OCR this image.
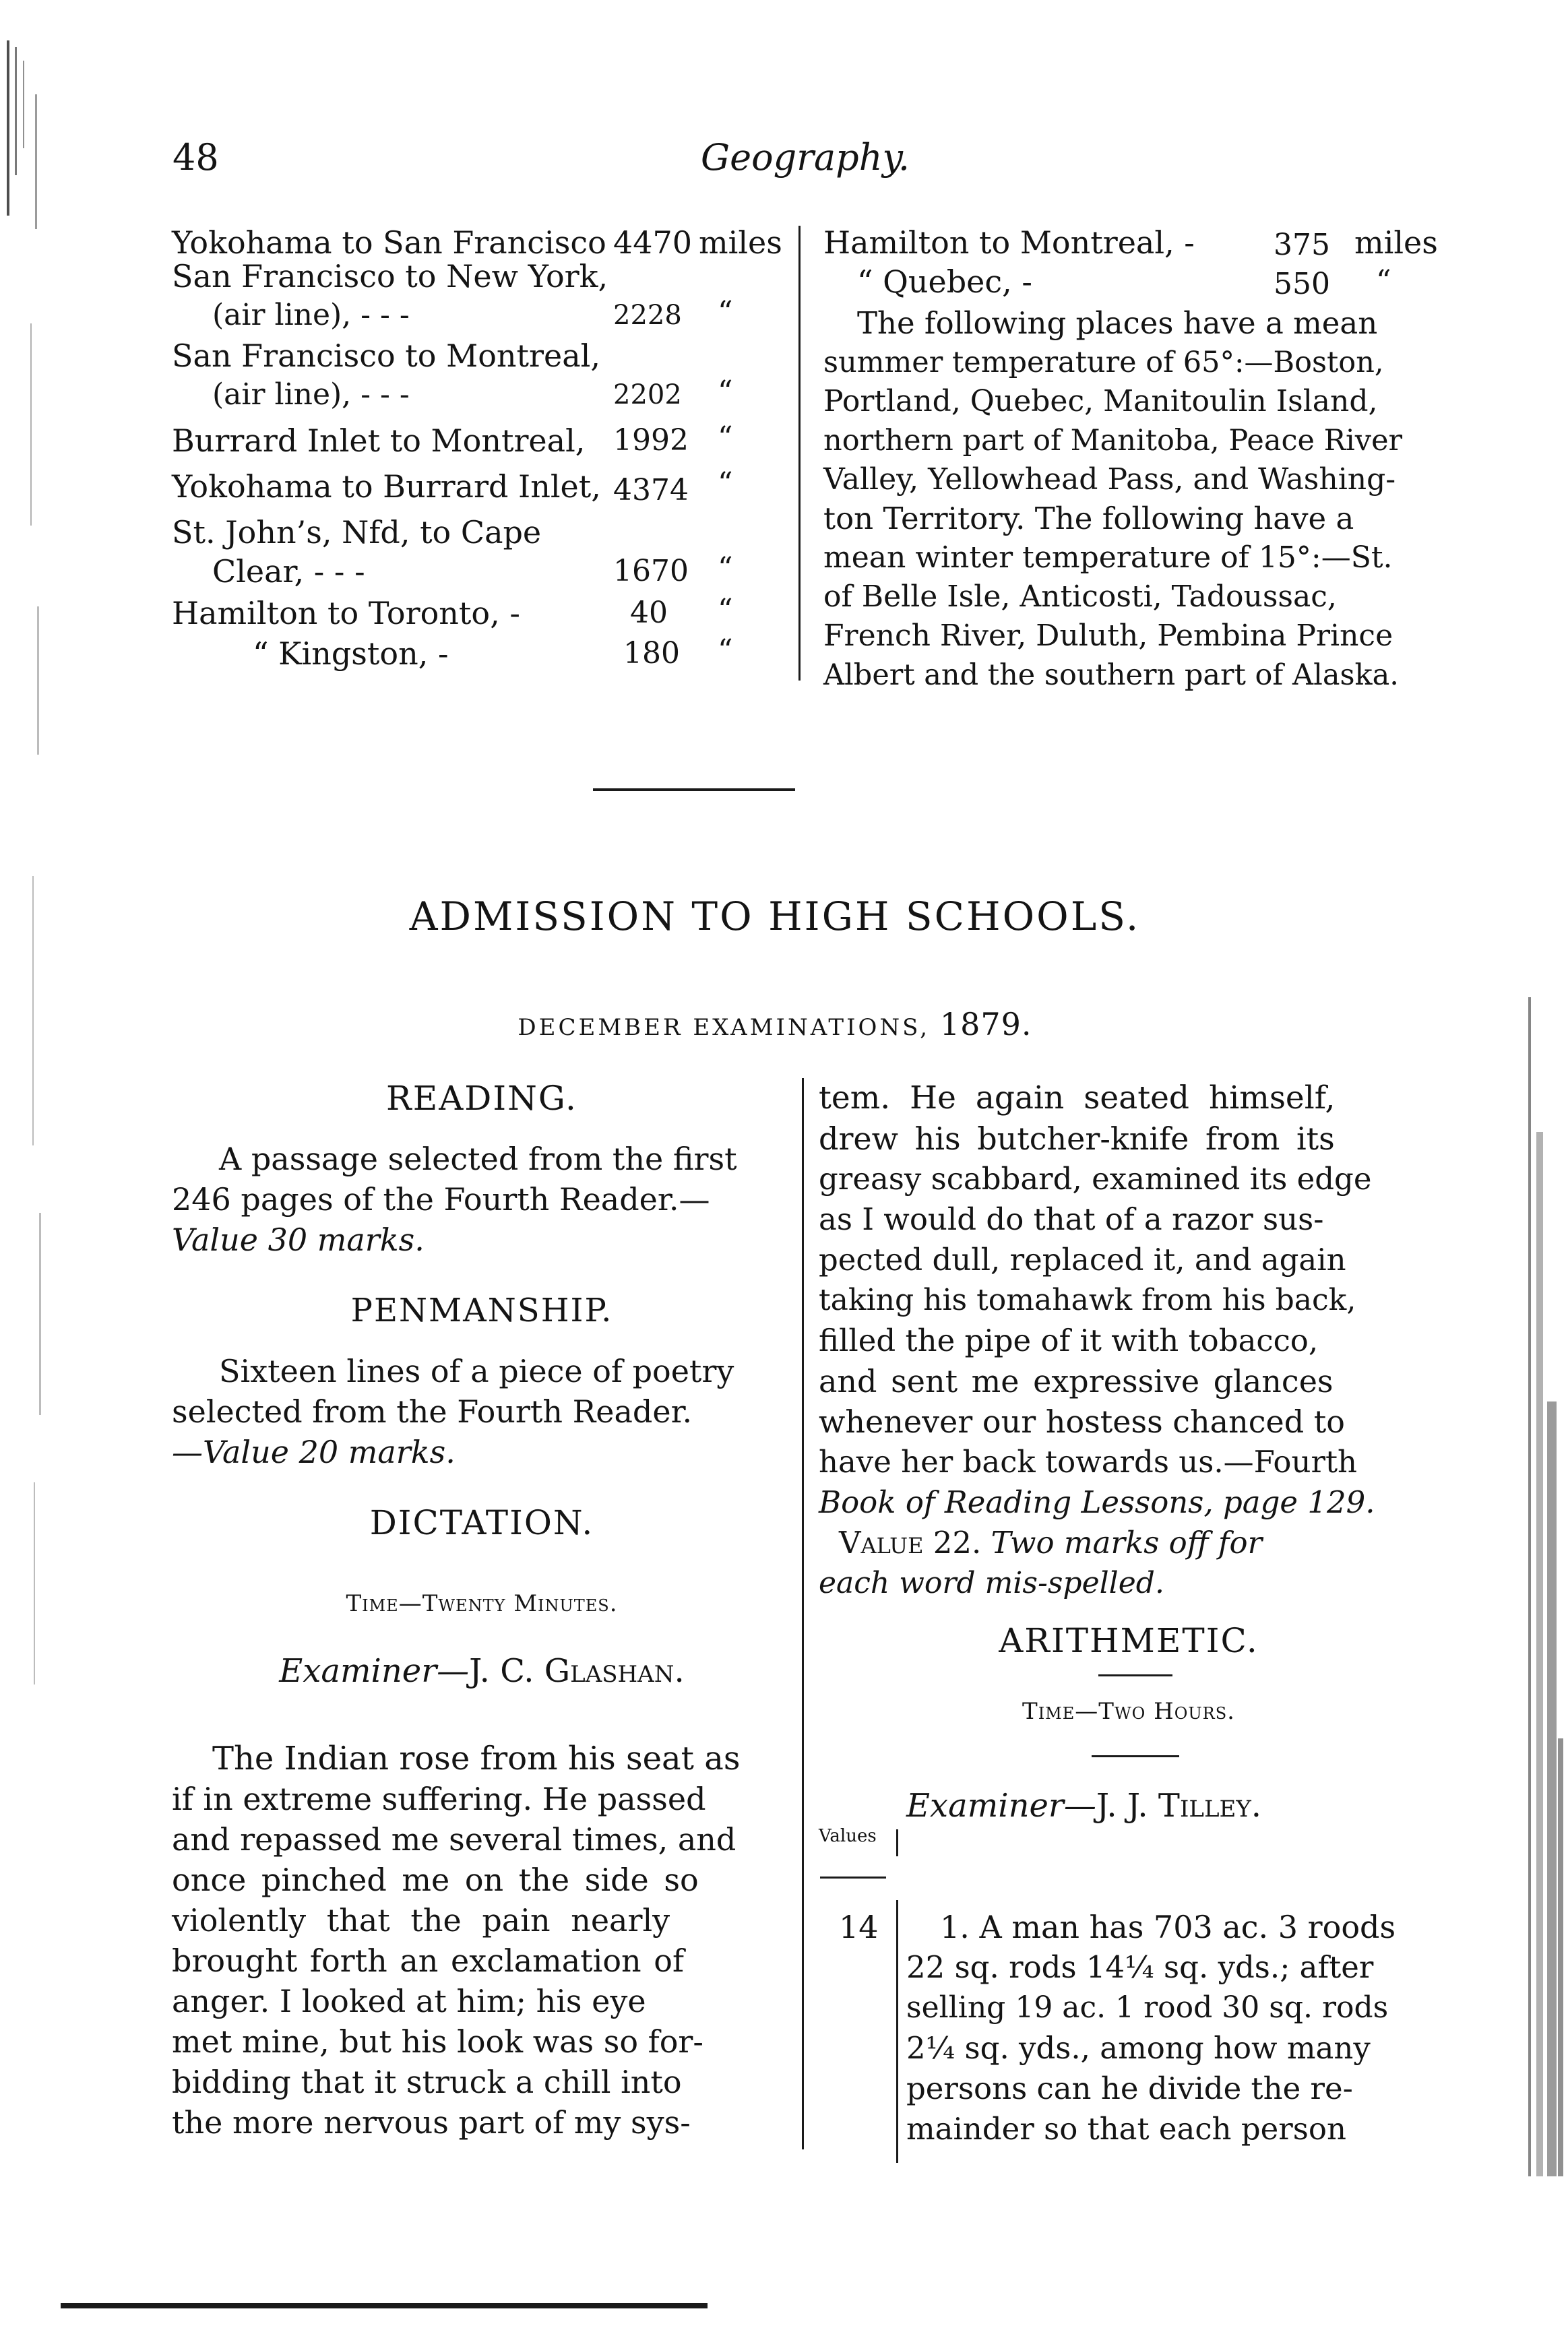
48	Geography.
Yokohama to San Francisco 4470 miles
San Francisco to New York,
(air line), - - -	2228 “
San Francisco to Montreal,
(air line), - - -	2202 “
Burrard Inlet to Montreal, 1992 “
Yokohama to Burrard Inlet, 4374 “
St. John’s, Nfd, to Cape
Clear, - - -	1670 “
Hamilton to Toronto, -	40 “
“ Kingston, -	180 “
Hamilton to Montreal, -	375 miles
“ Quebec, -	550 “
The following places have a mean
summer temperature of 65°:—Boston,
Portland, Quebec, Manitoulin Island,
northern part of Manitoba, Peace River
Valley, Yellowhead Pass, and Washing-
ton Territory. The following have a
mean winter temperature of 15°:—St.
of Belle Isle, Anticosti, Tadoussac,
French River, Duluth, Pembina Prince
Albert and the southern part of Alaska.
ADMISSION TO HIGH SCHOOLS.
DECEMBER EXAMINATIONS, 1879.
READING.
A passage selected from the first
246 pages of the Fourth Reader.—
Value 30 marks.
PENMANSHIP.
Sixteen lines of a piece of poetry
selected from the Fourth Reader.
—Value 20 marks.
DICTATION.
Time—Twenty Minutes.
Examiner—J. C. Glashan.
The Indian rose from his seat as
if in extreme suffering. He passed
and repassed me several times, and
once pinched me on the side so
violently that the pain nearly
brought forth an exclamation of
anger. I looked at him; his eye
met mine, but his look was so for-
bidding that it struck a chill into
the more nervous part of my sys-
tem. He again seated himself,
drew his butcher-knife from its
greasy scabbard, examined its edge
as I would do that of a razor sus-
pected dull, replaced it, and again
taking his tomahawk from his back,
filled the pipe of it with tobacco,
and sent me expressive glances
whenever our hostess chanced to
have her back towards us.—Fourth
Book of Reading Lessons, page 129.
Value 22. Two marks off for
each word mis-spelled.
ARITHMETIC.
Time—Two Hours.
Examiner—J. J. Tilley.
Values
14 1. A man has 703 ac. 3 roods
22 sq. rods 14¼ sq. yds.; after
selling 19 ac. 1 rood 30 sq. rods
2¼ sq. yds., among how many
persons can he divide the re-
mainder so that each person
